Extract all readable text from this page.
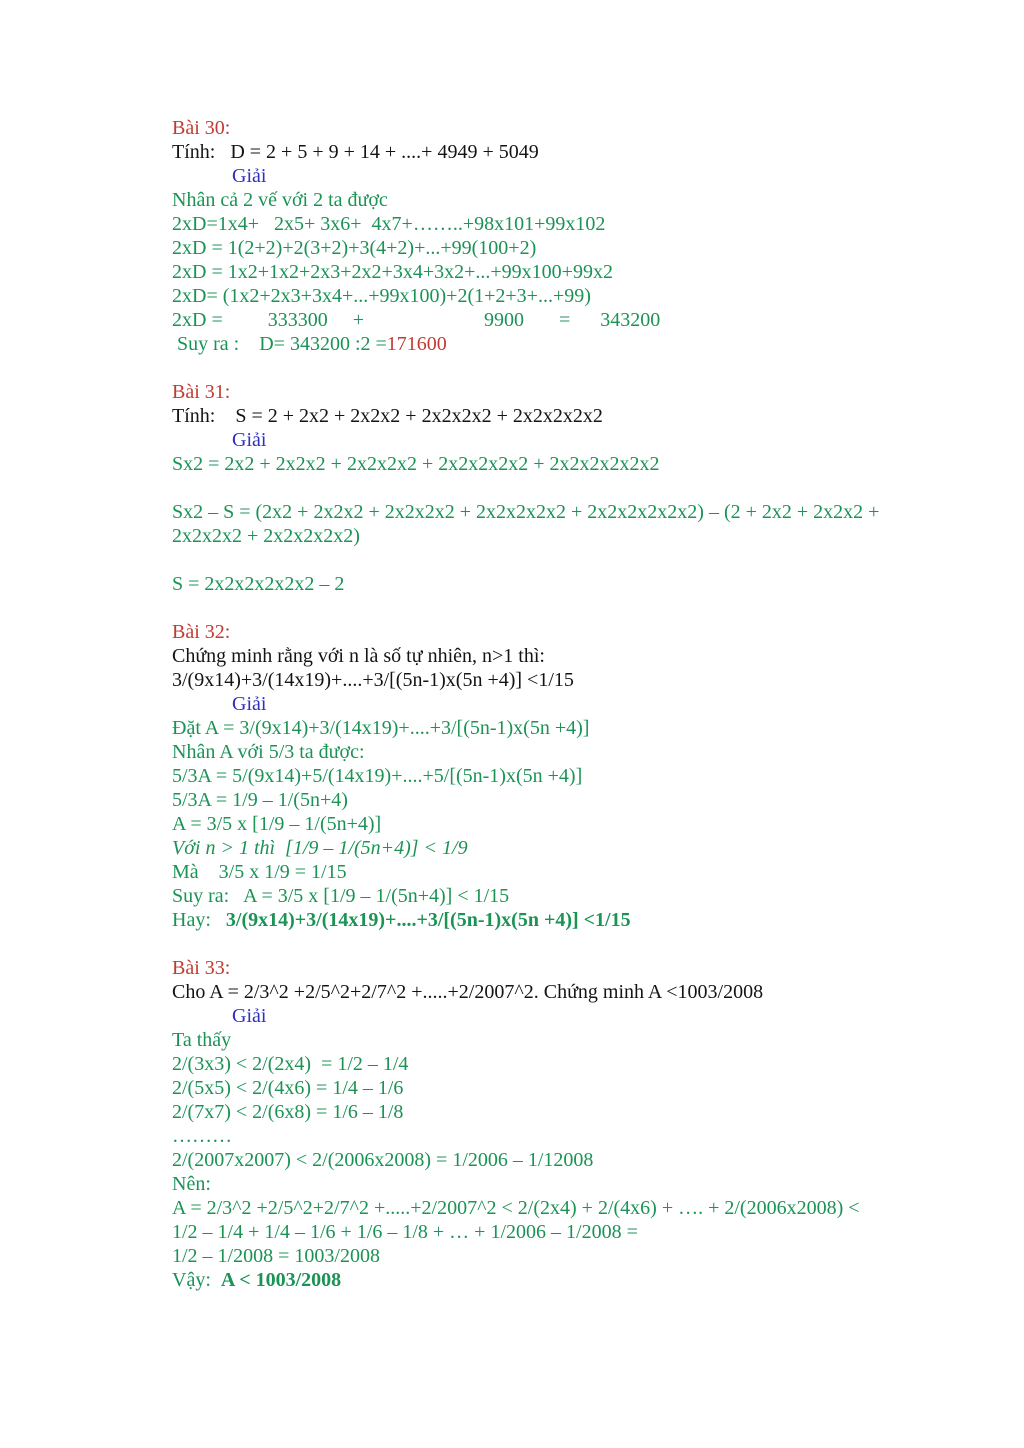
Bài 30:
Tính:   D = 2 + 5 + 9 + 14 + ....+ 4949 + 5049
Giải
Nhân cả 2 vế với 2 ta được
2xD=1x4+   2x5+ 3x6+  4x7+……..+98x101+99x102
2xD = 1(2+2)+2(3+2)+3(4+2)+...+99(100+2)
2xD = 1x2+1x2+2x3+2x2+3x4+3x2+...+99x100+99x2
2xD= (1x2+2x3+3x4+...+99x100)+2(1+2+3+...+99)
2xD =         333300     +                        9900       =      343200
Suy ra :    D= 343200 :2 =171600
Bài 31:
Tính:    S = 2 + 2x2 + 2x2x2 + 2x2x2x2 + 2x2x2x2x2
Giải
Sx2 = 2x2 + 2x2x2 + 2x2x2x2 + 2x2x2x2x2 + 2x2x2x2x2x2
Sx2 – S = (2x2 + 2x2x2 + 2x2x2x2 + 2x2x2x2x2 + 2x2x2x2x2x2) – (2 + 2x2 + 2x2x2 +
2x2x2x2 + 2x2x2x2x2)
S = 2x2x2x2x2x2 – 2
Bài 32:
Chứng minh rằng với n là số tự nhiên, n>1 thì:
3/(9x14)+3/(14x19)+....+3/[(5n-1)x(5n +4)] <1/15
Giải
Đặt A = 3/(9x14)+3/(14x19)+....+3/[(5n-1)x(5n +4)]
Nhân A với 5/3 ta được:
5/3A = 5/(9x14)+5/(14x19)+....+5/[(5n-1)x(5n +4)]
5/3A = 1/9 – 1/(5n+4)
A = 3/5 x [1/9 – 1/(5n+4)]
Với n > 1 thì  [1/9 – 1/(5n+4)] < 1/9
Mà    3/5 x 1/9 = 1/15
Suy ra:   A = 3/5 x [1/9 – 1/(5n+4)] < 1/15
Hay:   3/(9x14)+3/(14x19)+....+3/[(5n-1)x(5n +4)] <1/15
Bài 33:
Cho A = 2/3^2 +2/5^2+2/7^2 +.....+2/2007^2. Chứng minh A <1003/2008
Giải
Ta thấy
2/(3x3) < 2/(2x4)  = 1/2 – 1/4
2/(5x5) < 2/(4x6) = 1/4 – 1/6
2/(7x7) < 2/(6x8) = 1/6 – 1/8
………
2/(2007x2007) < 2/(2006x2008) = 1/2006 – 1/12008
Nên:
A = 2/3^2 +2/5^2+2/7^2 +.....+2/2007^2 < 2/(2x4) + 2/(4x6) + …. + 2/(2006x2008) <
1/2 – 1/4 + 1/4 – 1/6 + 1/6 – 1/8 + … + 1/2006 – 1/2008 =
1/2 – 1/2008 = 1003/2008
Vậy:  A < 1003/2008
